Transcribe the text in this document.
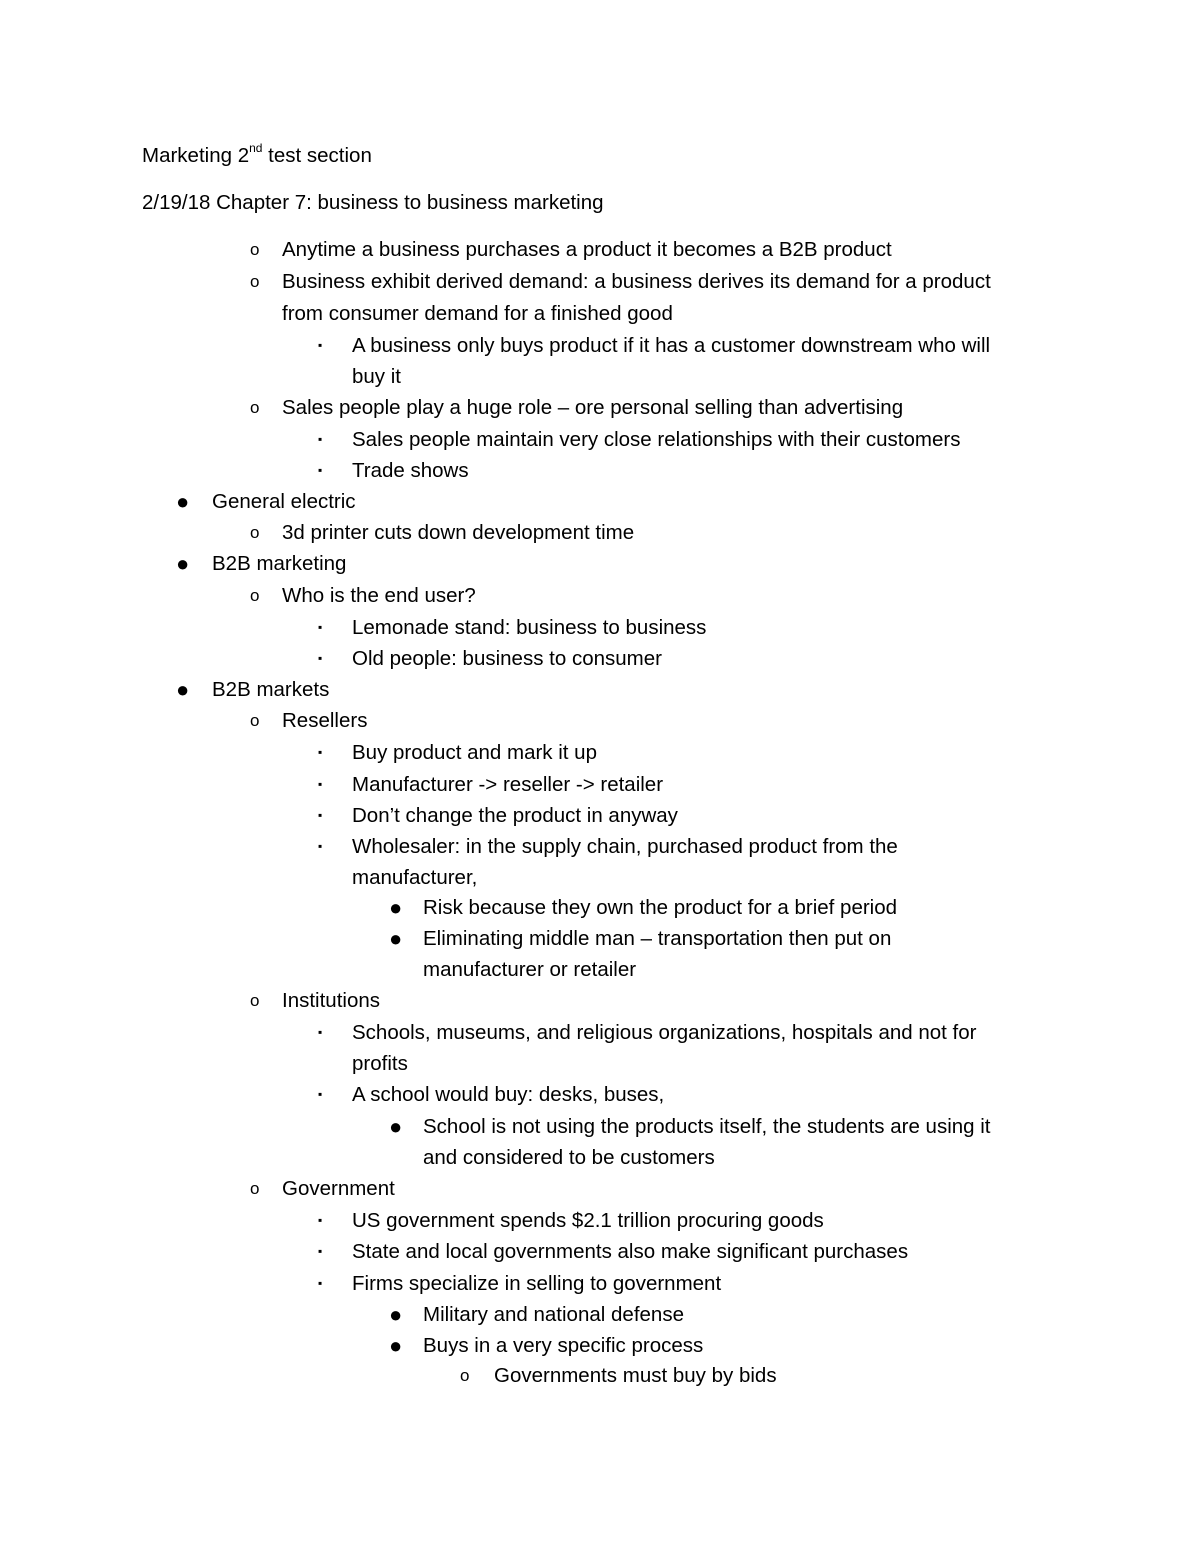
Marketing 2nd test section
2/19/18 Chapter 7: business to business marketing
o Anytime a business purchases a product it becomes a B2B product
o Business exhibit derived demand: a business derives its demand for a product
from consumer demand for a finished good
▪ A business only buys product if it has a customer downstream who will
buy it
o Sales people play a huge role – ore personal selling than advertising
▪ Sales people maintain very close relationships with their customers
▪ Trade shows
● General electric
o 3d printer cuts down development time
● B2B marketing
o Who is the end user?
▪ Lemonade stand: business to business
▪ Old people: business to consumer
● B2B markets
o Resellers
▪ Buy product and mark it up
▪ Manufacturer -> reseller -> retailer
▪ Don’t change the product in anyway
▪ Wholesaler: in the supply chain, purchased product from the
manufacturer,
● Risk because they own the product for a brief period
● Eliminating middle man – transportation then put on
manufacturer or retailer
o Institutions
▪ Schools, museums, and religious organizations, hospitals and not for
profits
▪ A school would buy: desks, buses,
● School is not using the products itself, the students are using it
and considered to be customers
o Government
▪ US government spends $2.1 trillion procuring goods
▪ State and local governments also make significant purchases
▪ Firms specialize in selling to government
● Military and national defense
● Buys in a very specific process
o Governments must buy by bids
